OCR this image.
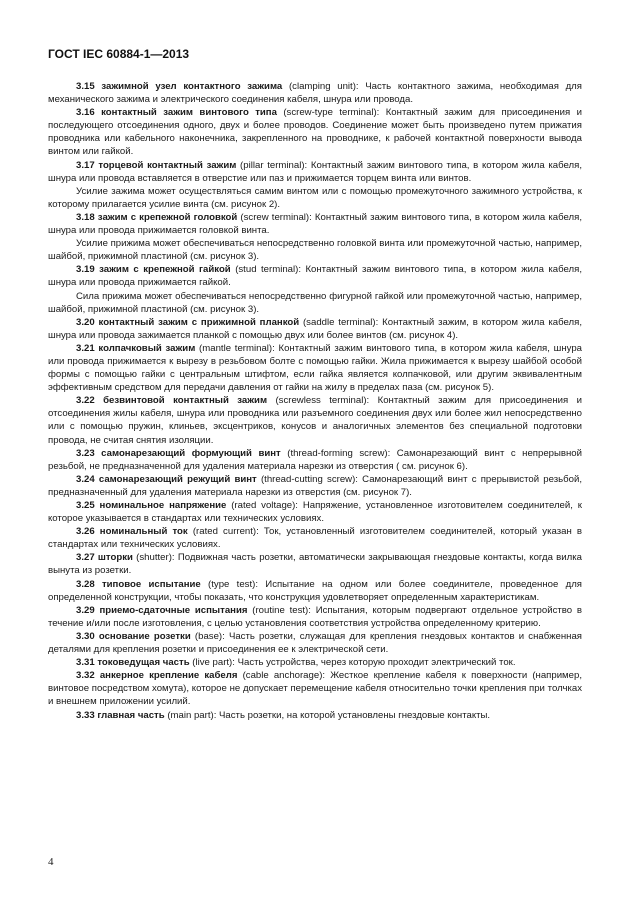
ГОСТ IEC 60884-1—2013

3.15 зажимной узел контактного зажима (clamping unit): Часть контактного зажима, необходимая для механического зажима и электрического соединения кабеля, шнура или провода.

3.16 контактный зажим винтового типа (screw-type terminal): Контактный зажим для присоединения и последующего отсоединения одного, двух и более проводов. Соединение может быть произведено путем прижатия проводника или кабельного наконечника, закрепленного на проводнике, к рабочей контактной поверхности вывода винтом или гайкой.

3.17 торцевой контактный зажим (pillar terminal): Контактный зажим винтового типа, в котором жила кабеля, шнура или провода вставляется в отверстие или паз и прижимается торцем винта или винтов.

Усилие зажима может осуществляться самим винтом или с помощью промежуточного зажимного устройства, к которому прилагается усилие винта (см. рисунок 2).

3.18 зажим с крепежной головкой (screw terminal): Контактный зажим винтового типа, в котором жила кабеля, шнура или провода прижимается головкой винта.

Усилие прижима может обеспечиваться непосредственно головкой винта или промежуточной частью, например, шайбой, прижимной пластиной (см. рисунок 3).

3.19 зажим с крепежной гайкой (stud terminal): Контактный зажим винтового типа, в котором жила кабеля, шнура или провода прижимается гайкой.

Сила прижима может обеспечиваться непосредственно фигурной гайкой или промежуточной частью, например, шайбой, прижимной пластиной (см. рисунок 3).

3.20 контактный зажим с прижимной планкой (saddle terminal): Контактный зажим, в котором жила кабеля, шнура или провода зажимается планкой с помощью двух или более винтов (см. рисунок 4).

3.21 колпачковый зажим (mantle terminal): Контактный зажим винтового типа, в котором жила кабеля, шнура или провода прижимается к вырезу в резьбовом болте с помощью гайки. Жила прижимается к вырезу шайбой особой формы с помощью гайки с центральным штифтом, если гайка является колпачковой, или другим эквивалентным эффективным средством для передачи давления от гайки на жилу в пределах паза (см. рисунок 5).

3.22 безвинтовой контактный зажим (screwless terminal): Контактный зажим для присоединения и отсоединения жилы кабеля, шнура или проводника или разъемного соединения двух или более жил непосредственно или с помощью пружин, клиньев, эксцентриков, конусов и аналогичных элементов без специальной подготовки провода, не считая снятия изоляции.

3.23 самонарезающий формующий винт (thread-forming screw): Самонарезающий винт с непрерывной резьбой, не предназначенной для удаления материала нарезки из отверстия ( см. рисунок 6).

3.24 самонарезающий режущий винт (thread-cutting screw): Самонарезающий винт с прерывистой резьбой, предназначенный для удаления материала нарезки из отверстия (см. рисунок 7).

3.25 номинальное напряжение (rated voltage): Напряжение, установленное изготовителем соединителей, к которое указывается в стандартах или технических условиях.

3.26 номинальный ток (rated current): Ток, установленный изготовителем соединителей, который указан в стандартах или технических условиях.

3.27 шторки (shutter): Подвижная часть розетки, автоматически закрывающая гнездовые контакты, когда вилка вынута из розетки.

3.28 типовое испытание (type test): Испытание на одном или более соединителе, проведенное для определенной конструкции, чтобы показать, что конструкция удовлетворяет определенным характеристикам.

3.29 приемо-сдаточные испытания (routine test): Испытания, которым подвергают отдельное устройство в течение и/или после изготовления, с целью установления соответствия устройства определенному критерию.

3.30 основание розетки (base): Часть розетки, служащая для крепления гнездовых контактов и снабженная деталями для крепления розетки и присоединения ее к электрической сети.

3.31 токоведущая часть (live part): Часть устройства, через которую проходит электрический ток.

3.32 анкерное крепление кабеля (cable anchorage): Жесткое крепление кабеля к поверхности (например, винтовое посредством хомута), которое не допускает перемещение кабеля относительно точки крепления при толчках и внешнем приложении усилий.

3.33 главная часть (main part): Часть розетки, на которой установлены гнездовые контакты.

4
